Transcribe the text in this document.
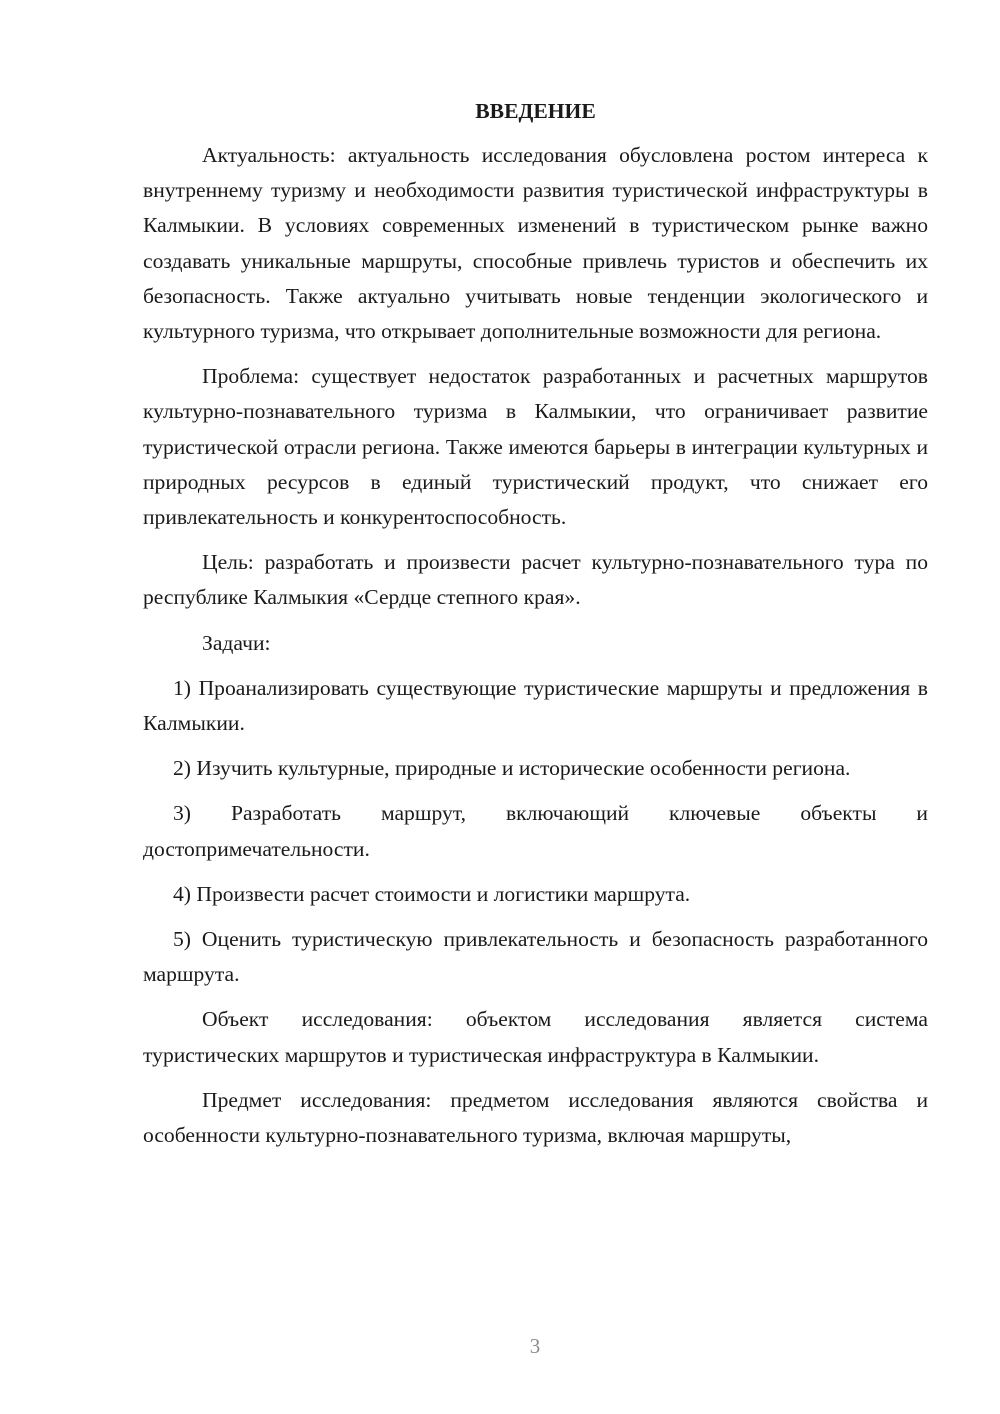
ВВЕДЕНИЕ

Актуальность: актуальность исследования обусловлена ростом интереса к внутреннему туризму и необходимости развития туристической инфраструктуры в Калмыкии. В условиях современных изменений в туристическом рынке важно создавать уникальные маршруты, способные привлечь туристов и обеспечить их безопасность. Также актуально учитывать новые тенденции экологического и культурного туризма, что открывает дополнительные возможности для региона.

Проблема: существует недостаток разработанных и расчетных маршрутов культурно-познавательного туризма в Калмыкии, что ограничивает развитие туристической отрасли региона. Также имеются барьеры в интеграции культурных и природных ресурсов в единый туристический продукт, что снижает его привлекательность и конкурентоспособность.

Цель: разработать и произвести расчет культурно-познавательного тура по республике Калмыкия «Сердце степного края».

Задачи:

1) Проанализировать существующие туристические маршруты и предложения в Калмыкии.

2) Изучить культурные, природные и исторические особенности региона.

3) Разработать маршрут, включающий ключевые объекты и достопримечательности.

4) Произвести расчет стоимости и логистики маршрута.

5) Оценить туристическую привлекательность и безопасность разработанного маршрута.

Объект исследования: объектом исследования является система туристических маршрутов и туристическая инфраструктура в Калмыкии.

Предмет исследования: предметом исследования являются свойства и особенности культурно-познавательного туризма, включая маршруты,

3
